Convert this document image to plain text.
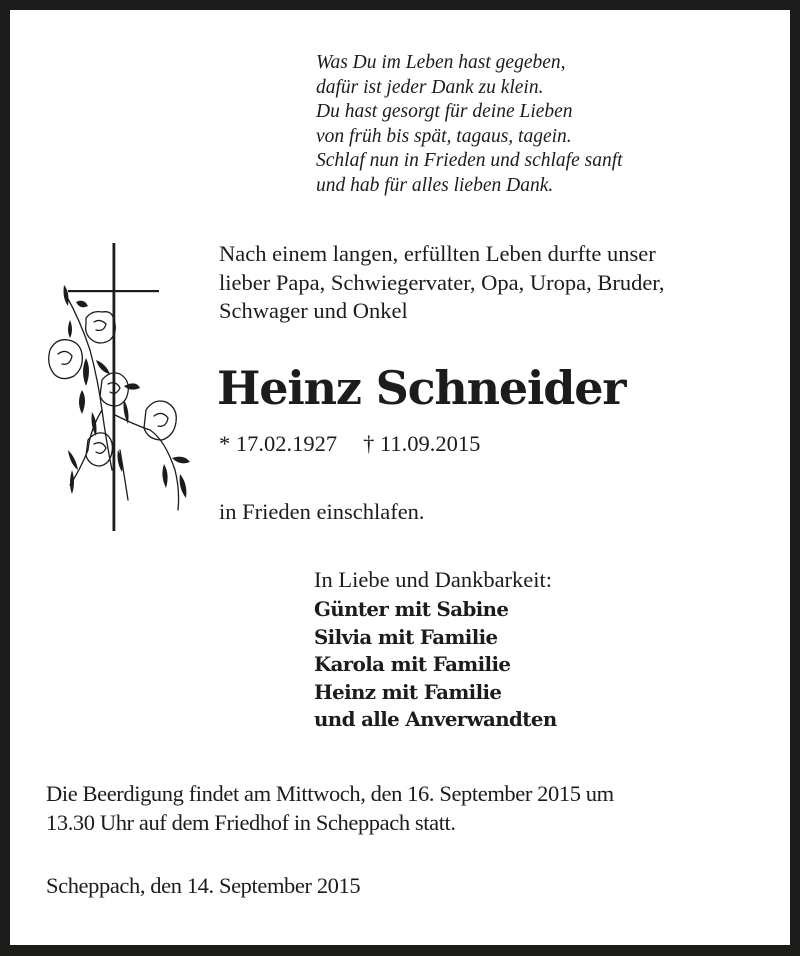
Was Du im Leben hast gegeben,
dafür ist jeder Dank zu klein.
Du hast gesorgt für deine Lieben
von früh bis spät, tagaus, tagein.
Schlaf nun in Frieden und schlafe sanft
und hab für alles lieben Dank.
Nach einem langen, erfüllten Leben durfte unser
lieber Papa, Schwiegervater, Opa, Uropa, Bruder,
Schwager und Onkel
Heinz Schneider
* 17.02.1927 † 11.09.2015
in Frieden einschlafen.
In Liebe und Dankbarkeit:
Günter mit Sabine
Silvia mit Familie
Karola mit Familie
Heinz mit Familie
und alle Anverwandten
Die Beerdigung findet am Mittwoch, den 16. September 2015 um
13.30 Uhr auf dem Friedhof in Scheppach statt.
Scheppach, den 14. September 2015
